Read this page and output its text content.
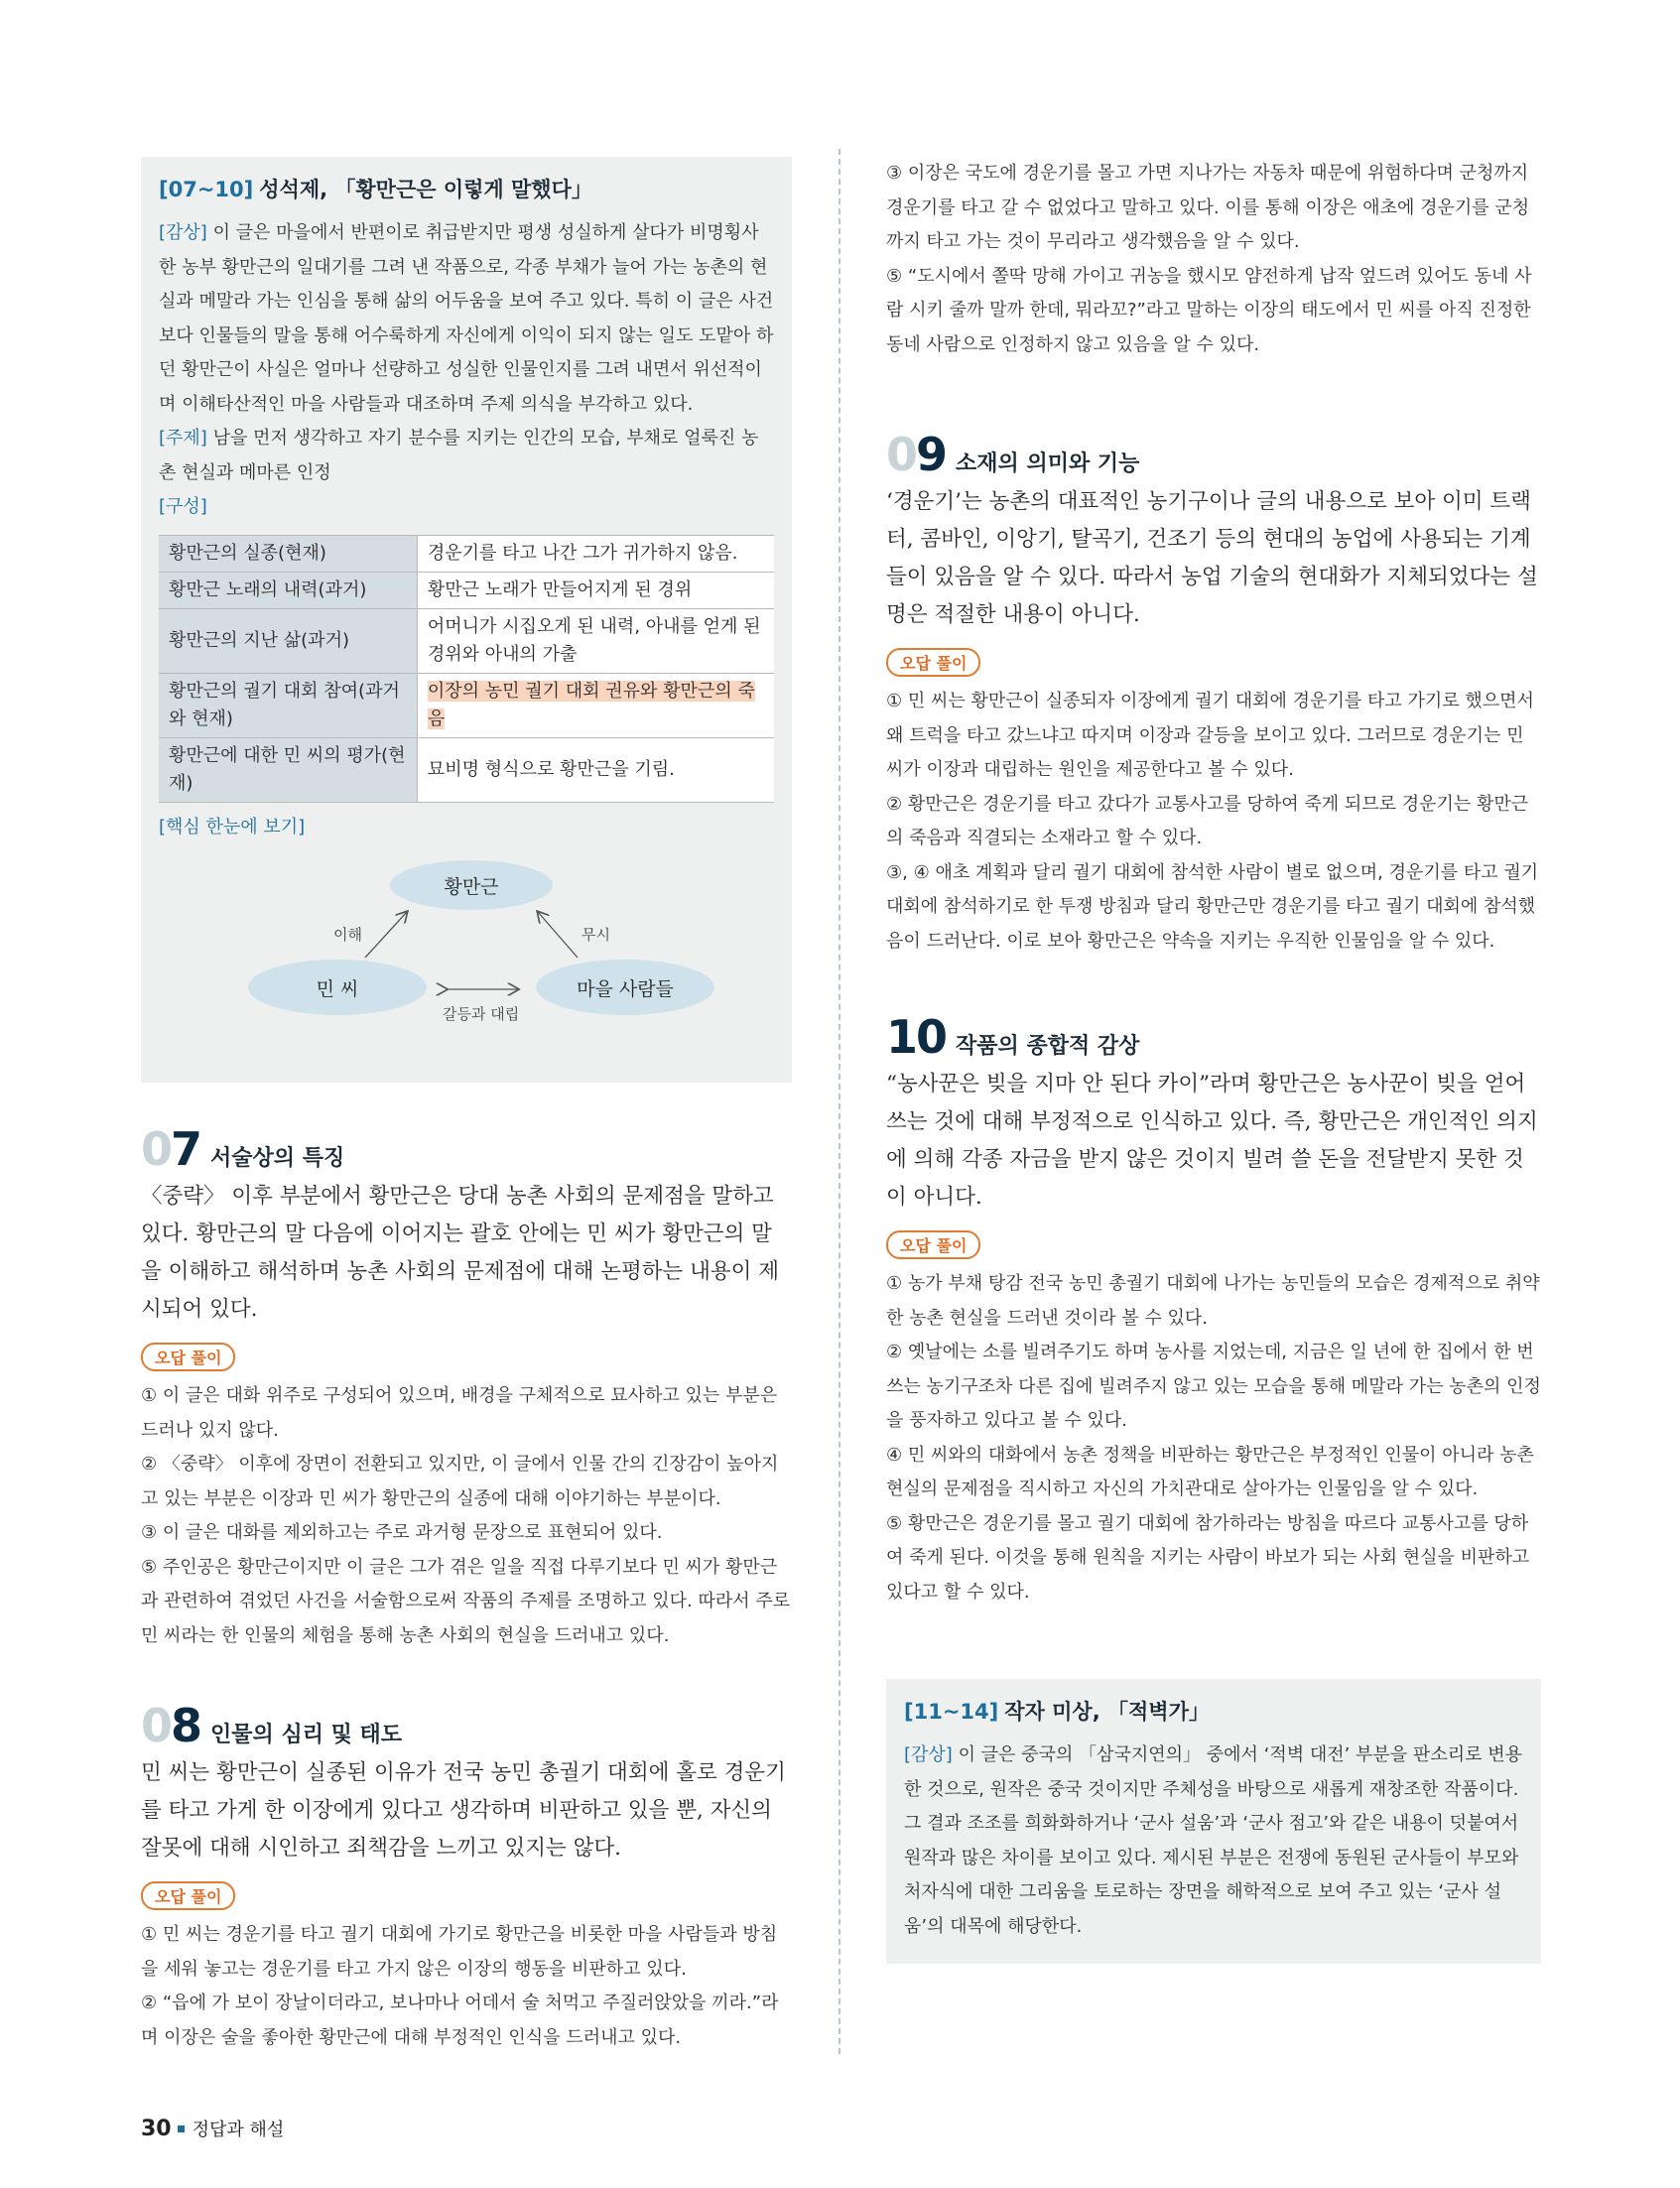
[07~10] 성석제, 「황만근은 이렇게 말했다」

[감상] 이 글은 마을에서 반편이로 취급받지만 평생 성실하게 살다가 비명횡사한 농부 황만근의 일대기를 그려 낸 작품으로, 각종 부채가 늘어 가는 농촌의 현실과 메말라 가는 인심을 통해 삶의 어두움을 보여 주고 있다. 특히 이 글은 사건보다 인물들의 말을 통해 어수룩하게 자신에게 이익이 되지 않는 일도 도맡아 하던 황만근이 사실은 얼마나 선량하고 성실한 인물인지를 그려 내면서 위선적이며 이해타산적인 마을 사람들과 대조하며 주제 의식을 부각하고 있다.

[주제] 남을 먼저 생각하고 자기 분수를 지키는 인간의 모습, 부채로 얼룩진 농촌 현실과 메마른 인정

[구성]

황만근의 실종(현재)	경운기를 타고 나간 그가 귀가하지 않음.
황만근 노래의 내력(과거)	황만근 노래가 만들어지게 된 경위
황만근의 지난 삶(과거)	어머니가 시집오게 된 내력, 아내를 얻게 된 경위와 아내의 가출
황만근의 궐기 대회 참여(과거와 현재)	이장의 농민 궐기 대회 권유와 황만근의 죽음
황만근에 대한 민 씨의 평가(현재)	묘비명 형식으로 황만근을 기림.

[핵심 한눈에 보기]

황만근
민 씨	마을 사람들
이해	무시
갈등과 대립
07 서술상의 특징

〈중략〉 이후 부분에서 황만근은 당대 농촌 사회의 문제점을 말하고 있다. 황만근의 말 다음에 이어지는 괄호 안에는 민 씨가 황만근의 말을 이해하고 해석하며 농촌 사회의 문제점에 대해 논평하는 내용이 제시되어 있다.

오답 풀이

① 이 글은 대화 위주로 구성되어 있으며, 배경을 구체적으로 묘사하고 있는 부분은 드러나 있지 않다.

② 〈중략〉 이후에 장면이 전환되고 있지만, 이 글에서 인물 간의 긴장감이 높아지고 있는 부분은 이장과 민 씨가 황만근의 실종에 대해 이야기하는 부분이다.

③ 이 글은 대화를 제외하고는 주로 과거형 문장으로 표현되어 있다.

⑤ 주인공은 황만근이지만 이 글은 그가 겪은 일을 직접 다루기보다 민 씨가 황만근과 관련하여 겪었던 사건을 서술함으로써 작품의 주제를 조명하고 있다. 따라서 주로 민 씨라는 한 인물의 체험을 통해 농촌 사회의 현실을 드러내고 있다.

08 인물의 심리 및 태도

민 씨는 황만근이 실종된 이유가 전국 농민 총궐기 대회에 홀로 경운기를 타고 가게 한 이장에게 있다고 생각하며 비판하고 있을 뿐, 자신의 잘못에 대해 시인하고 죄책감을 느끼고 있지는 않다.

오답 풀이

① 민 씨는 경운기를 타고 궐기 대회에 가기로 황만근을 비롯한 마을 사람들과 방침을 세워 놓고는 경운기를 타고 가지 않은 이장의 행동을 비판하고 있다.

② “읍에 가 보이 장날이더라고, 보나마나 어데서 술 처먹고 주질러앉았을 끼라.”라며 이장은 술을 좋아한 황만근에 대해 부정적인 인식을 드러내고 있다.

③ 이장은 국도에 경운기를 몰고 가면 지나가는 자동차 때문에 위험하다며 군청까지 경운기를 타고 갈 수 없었다고 말하고 있다. 이를 통해 이장은 애초에 경운기를 군청까지 타고 가는 것이 무리라고 생각했음을 알 수 있다.

⑤ “도시에서 쫄딱 망해 가이고 귀농을 했시모 얌전하게 납작 엎드려 있어도 동네 사람 시키 줄까 말까 한데, 뭐라꼬?”라고 말하는 이장의 태도에서 민 씨를 아직 진정한 동네 사람으로 인정하지 않고 있음을 알 수 있다.

09 소재의 의미와 기능

‘경운기’는 농촌의 대표적인 농기구이나 글의 내용으로 보아 이미 트랙터, 콤바인, 이앙기, 탈곡기, 건조기 등의 현대의 농업에 사용되는 기계들이 있음을 알 수 있다. 따라서 농업 기술의 현대화가 지체되었다는 설명은 적절한 내용이 아니다.

오답 풀이

① 민 씨는 황만근이 실종되자 이장에게 궐기 대회에 경운기를 타고 가기로 했으면서 왜 트럭을 타고 갔느냐고 따지며 이장과 갈등을 보이고 있다. 그러므로 경운기는 민 씨가 이장과 대립하는 원인을 제공한다고 볼 수 있다.

② 황만근은 경운기를 타고 갔다가 교통사고를 당하여 죽게 되므로 경운기는 황만근의 죽음과 직결되는 소재라고 할 수 있다.

③, ④ 애초 계획과 달리 궐기 대회에 참석한 사람이 별로 없으며, 경운기를 타고 궐기 대회에 참석하기로 한 투쟁 방침과 달리 황만근만 경운기를 타고 궐기 대회에 참석했음이 드러난다. 이로 보아 황만근은 약속을 지키는 우직한 인물임을 알 수 있다.

10 작품의 종합적 감상

“농사꾼은 빚을 지마 안 된다 카이”라며 황만근은 농사꾼이 빚을 얻어 쓰는 것에 대해 부정적으로 인식하고 있다. 즉, 황만근은 개인적인 의지에 의해 각종 자금을 받지 않은 것이지 빌려 쓸 돈을 전달받지 못한 것이 아니다.

오답 풀이

① 농가 부채 탕감 전국 농민 총궐기 대회에 나가는 농민들의 모습은 경제적으로 취약한 농촌 현실을 드러낸 것이라 볼 수 있다.

② 옛날에는 소를 빌려주기도 하며 농사를 지었는데, 지금은 일 년에 한 집에서 한 번 쓰는 농기구조차 다른 집에 빌려주지 않고 있는 모습을 통해 메말라 가는 농촌의 인정을 풍자하고 있다고 볼 수 있다.

④ 민 씨와의 대화에서 농촌 정책을 비판하는 황만근은 부정적인 인물이 아니라 농촌 현실의 문제점을 직시하고 자신의 가치관대로 살아가는 인물임을 알 수 있다.

⑤ 황만근은 경운기를 몰고 궐기 대회에 참가하라는 방침을 따르다 교통사고를 당하여 죽게 된다. 이것을 통해 원칙을 지키는 사람이 바보가 되는 사회 현실을 비판하고 있다고 할 수 있다.

[11~14] 작자 미상, 「적벽가」

[감상] 이 글은 중국의 「삼국지연의」 중에서 ‘적벽 대전’ 부분을 판소리로 변용한 것으로, 원작은 중국 것이지만 주체성을 바탕으로 새롭게 재창조한 작품이다. 그 결과 조조를 희화화하거나 ‘군사 설움’과 ‘군사 점고’와 같은 내용이 덧붙여서 원작과 많은 차이를 보이고 있다. 제시된 부분은 전쟁에 동원된 군사들이 부모와 처자식에 대한 그리움을 토로하는 장면을 해학적으로 보여 주고 있는 ‘군사 설움’의 대목에 해당한다.

30 정답과 해설
